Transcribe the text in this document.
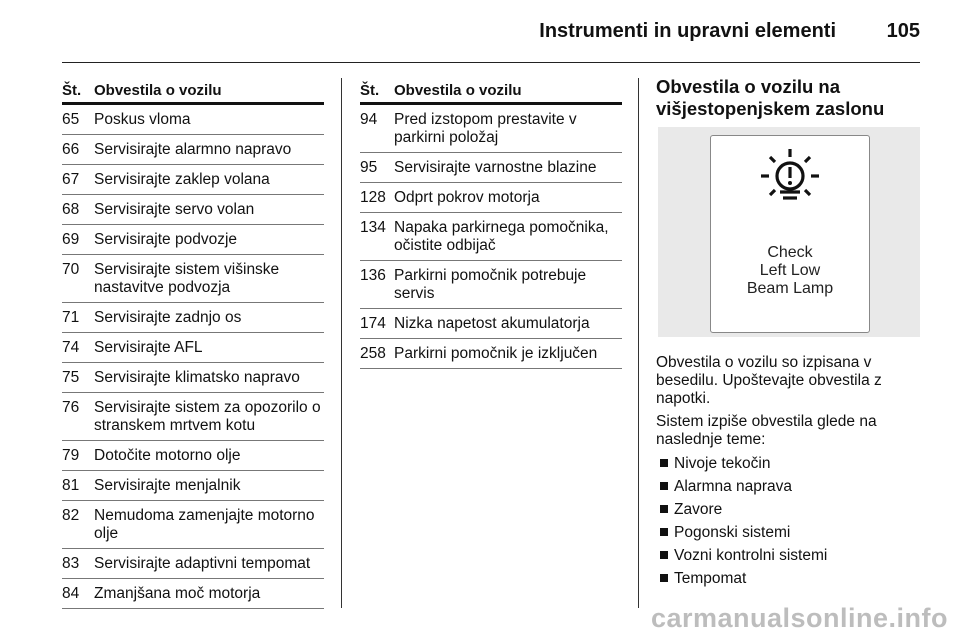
Instrumenti in upravni elementi	105
Št. Obvestila o vozilu
65 Poskus vloma
66 Servisirajte alarmno napravo
67 Servisirajte zaklep volana
68 Servisirajte servo volan
69 Servisirajte podvozje
70 Servisirajte sistem višinske nastavitve podvozja
71 Servisirajte zadnjo os
74 Servisirajte AFL
75 Servisirajte klimatsko napravo
76 Servisirajte sistem za opozorilo o stranskem mrtvem kotu
79 Dotočite motorno olje
81 Servisirajte menjalnik
82 Nemudoma zamenjajte motorno olje
83 Servisirajte adaptivni tempomat
84 Zmanjšana moč motorja
Št. Obvestila o vozilu
94 Pred izstopom prestavite v parkirni položaj
95 Servisirajte varnostne blazine
128 Odprt pokrov motorja
134 Napaka parkirnega pomočnika, očistite odbijač
136 Parkirni pomočnik potrebuje servis
174 Nizka napetost akumulatorja
258 Parkirni pomočnik je izključen
Obvestila o vozilu na
višjestopenjskem zaslonu
Check
Left Low
Beam Lamp
Obvestila o vozilu so izpisana v besedilu. Upoštevajte obvestila z napotki.
Sistem izpiše obvestila glede na naslednje teme:
Nivoje tekočin
Alarmna naprava
Zavore
Pogonski sistemi
Vozni kontrolni sistemi
Tempomat
carmanualsonline.info
